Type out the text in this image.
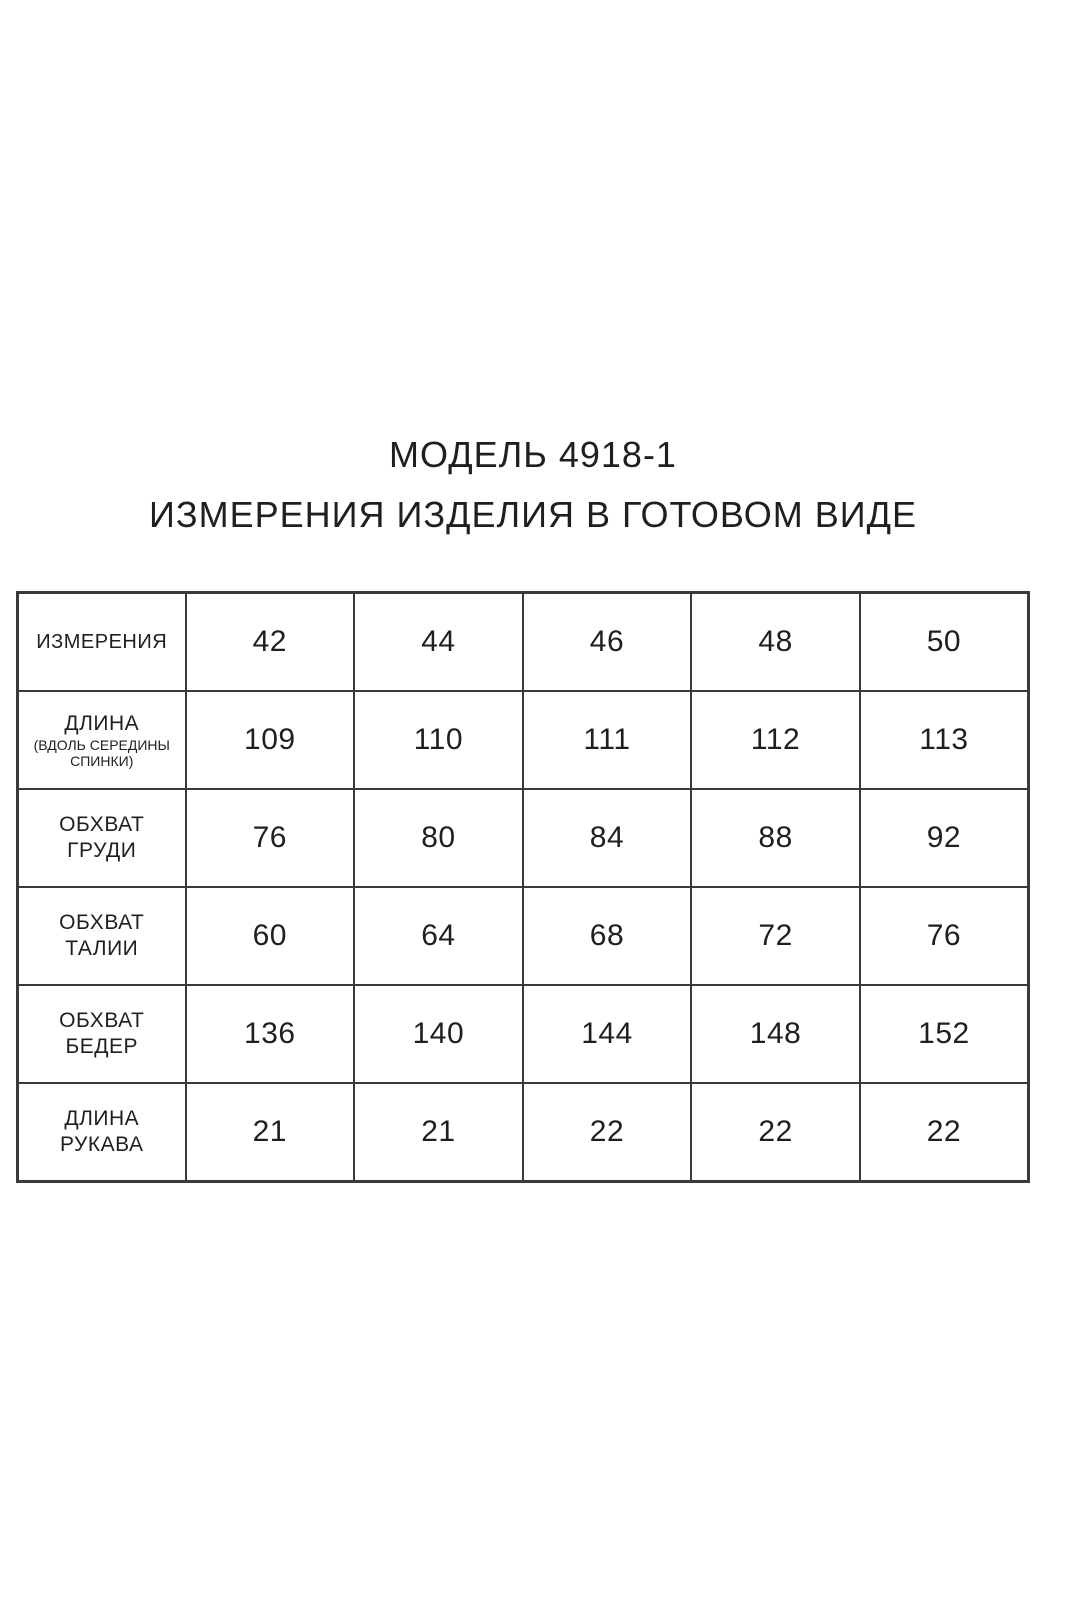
МОДЕЛЬ 4918-1
ИЗМЕРЕНИЯ ИЗДЕЛИЯ В ГОТОВОМ ВИДЕ
ИЗМЕРЕНИЯ	42	44	46	48	50

ДЛИНА
(ВДОЛЬ СЕРЕДИНЫ СПИНКИ)	109	110	111	112	113

ОБХВАТ
ГРУДИ	76	80	84	88	92

ОБХВАТ
ТАЛИИ	60	64	68	72	76

ОБХВАТ
БЕДЕР	136	140	144	148	152

ДЛИНА
РУКАВА	21	21	22	22	22
